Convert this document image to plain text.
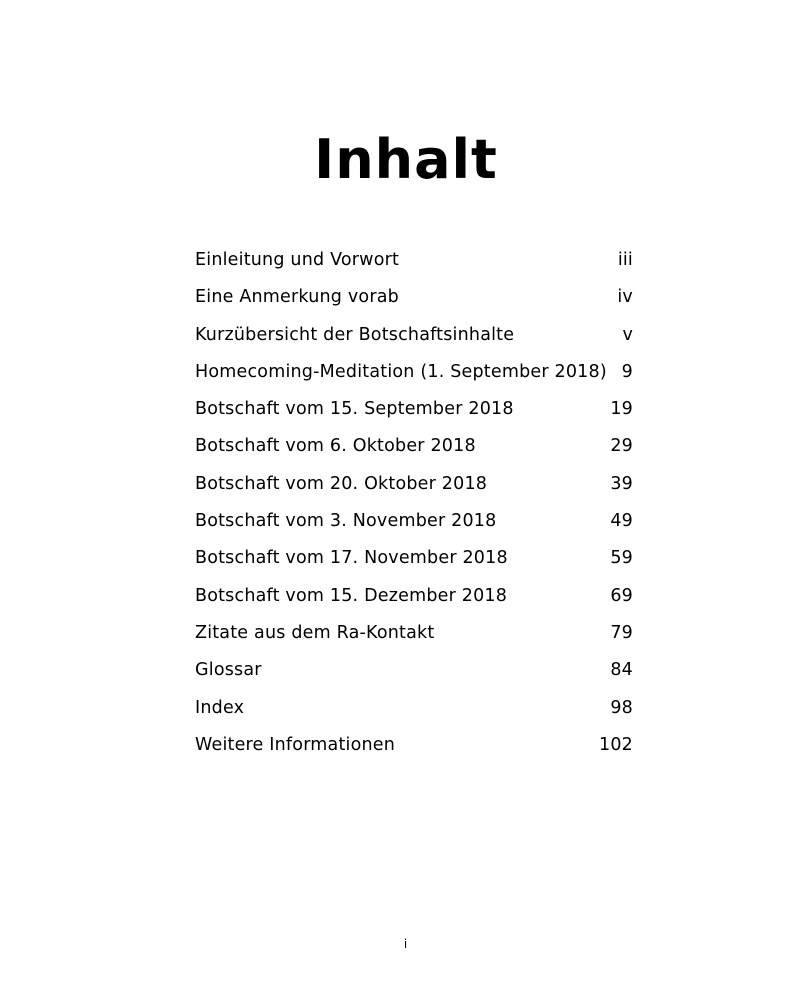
Inhalt
Einleitung und Vorwort	iii
Eine Anmerkung vorab	iv
Kurzübersicht der Botschaftsinhalte	v
Homecoming-Meditation (1. September 2018) 9
Botschaft vom 15. September 2018	19
Botschaft vom 6. Oktober 2018	29
Botschaft vom 20. Oktober 2018	39
Botschaft vom 3. November 2018	49
Botschaft vom 17. November 2018	59
Botschaft vom 15. Dezember 2018	69
Zitate aus dem Ra-Kontakt	79
Glossar	84
Index	98
Weitere Informationen	102
i
